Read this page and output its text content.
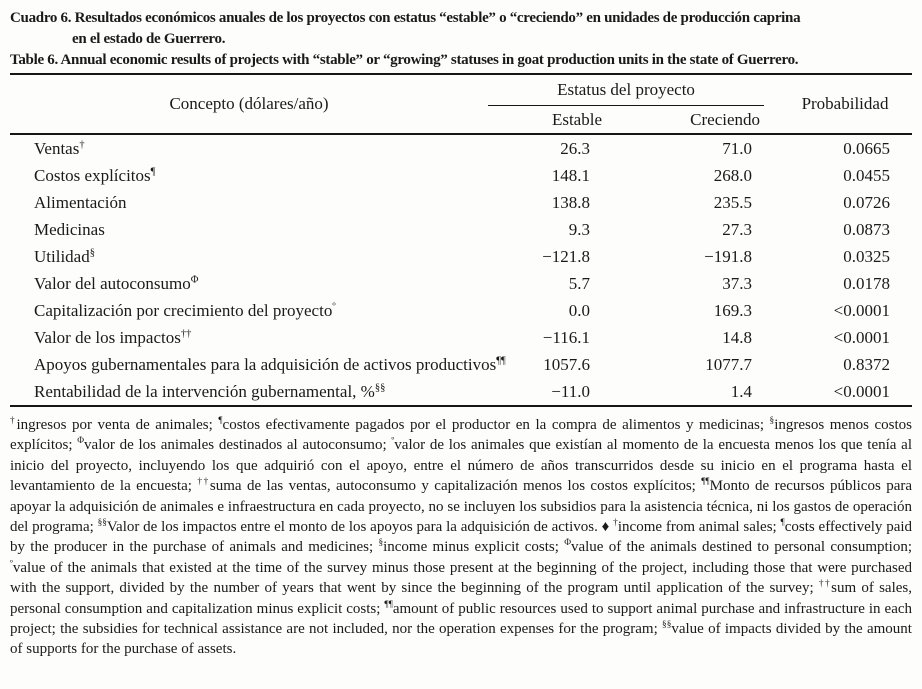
Cuadro 6. Resultados económicos anuales de los proyectos con estatus “estable” o “creciendo” en unidades de producción caprina
en el estado de Guerrero.
Table 6. Annual economic results of projects with “stable” or “growing” statuses in goat production units in the state of Guerrero.
Concepto (dólares/año)	Estatus del proyecto		Probabilidad
	Estable	Creciendo	
Ventas†	26.3	71.0	0.0665
Costos explícitos¶	148.1	268.0	0.0455
Alimentación	138.8	235.5	0.0726
Medicinas	9.3	27.3	0.0873
Utilidad§	−121.8	−191.8	0.0325
Valor del autoconsumo$^\Phi$	5.7	37.3	0.0178
Capitalización por crecimiento del proyecto$^º$	0.0	169.3	<0.0001
Valor de los impactos††	−116.1	14.8	<0.0001
Apoyos gubernamentales para la adquisición de activos productivos¶¶	1057.6	1077.7	0.8372
Rentabilidad de la intervención gubernamental, %§§	−11.0	1.4	<0.0001

†ingresos por venta de animales; ¶costos efectivamente pagados por el productor en la compra de alimentos y medicinas; §ingresos menos costos explícitos; $^\Phi$valor de los animales destinados al autoconsumo; $^º$valor de los animales que existían al momento de la encuesta menos los que tenía al inicio del proyecto, incluyendo los que adquirió con el apoyo, entre el número de años transcurridos desde su inicio en el programa hasta el levantamiento de la encuesta; ††suma de las ventas, autoconsumo y capitalización menos los costos explícitos; ¶¶Monto de recursos públicos para apoyar la adquisición de animales e infraestructura en cada proyecto, no se incluyen los subsidios para la asistencia técnica, ni los gastos de operación del programa; §§Valor de los impactos entre el monto de los apoyos para la adquisición de activos. ♦ †income from animal sales; ¶costs effectively paid by the producer in the purchase of animals and medicines; §income minus explicit costs; $^\Phi$value of the animals destined to personal consumption; $^º$value of the animals that existed at the time of the survey minus those present at the beginning of the project, including those that were purchased with the support, divided by the number of years that went by since the beginning of the program until application of the survey; ††sum of sales, personal consumption and capitalization minus explicit costs; ¶¶amount of public resources used to support animal purchase and infrastructure in each project; the subsidies for technical assistance are not included, nor the operation expenses for the program; §§value of impacts divided by the amount of supports for the purchase of assets.
